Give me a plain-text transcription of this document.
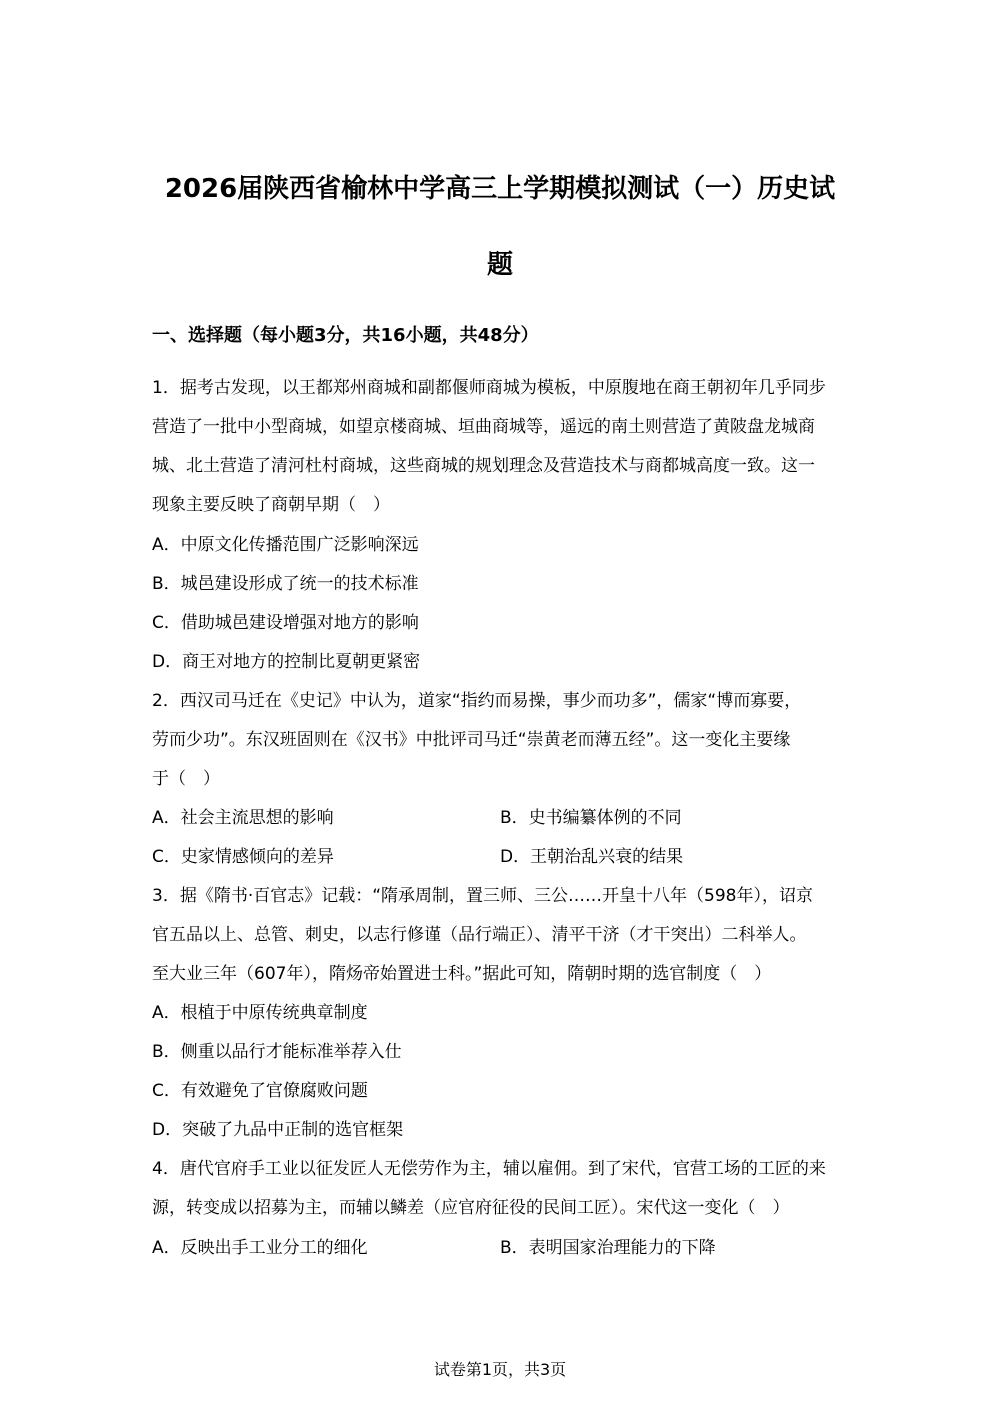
2026届陕西省榆林中学高三上学期模拟测试（一）历史试
题
一、选择题（每小题3分，共16小题，共48分）
1．据考古发现，以王都郑州商城和副都偃师商城为模板，中原腹地在商王朝初年几乎同步
营造了一批中小型商城，如望京楼商城、垣曲商城等，遥远的南土则营造了黄陂盘龙城商
城、北土营造了清河杜村商城，这些商城的规划理念及营造技术与商都城高度一致。这一
现象主要反映了商朝早期（　）
A．中原文化传播范围广泛影响深远
B．城邑建设形成了统一的技术标准
C．借助城邑建设增强对地方的影响
D．商王对地方的控制比夏朝更紧密
2．西汉司马迁在《史记》中认为，道家“指约而易操，事少而功多”，儒家“博而寡要，
劳而少功”。东汉班固则在《汉书》中批评司马迁“崇黄老而薄五经”。这一变化主要缘
于（　）
A．社会主流思想的影响	B．史书编纂体例的不同
C．史家情感倾向的差异	D．王朝治乱兴衰的结果
3．据《隋书·百官志》记载：“隋承周制，置三师、三公……开皇十八年（598年），诏京
官五品以上、总管、刺史，以志行修谨（品行端正）、清平干济（才干突出）二科举人。
至大业三年（607年），隋炀帝始置进士科。”据此可知，隋朝时期的选官制度（　）
A．根植于中原传统典章制度
B．侧重以品行才能标准举荐入仕
C．有效避免了官僚腐败问题
D．突破了九品中正制的选官框架
4．唐代官府手工业以征发匠人无偿劳作为主，辅以雇佣。到了宋代，官营工场的工匠的来
源，转变成以招募为主，而辅以鳞差（应官府征役的民间工匠）。宋代这一变化（　）
A．反映出手工业分工的细化	B．表明国家治理能力的下降
试卷第1页，共3页
